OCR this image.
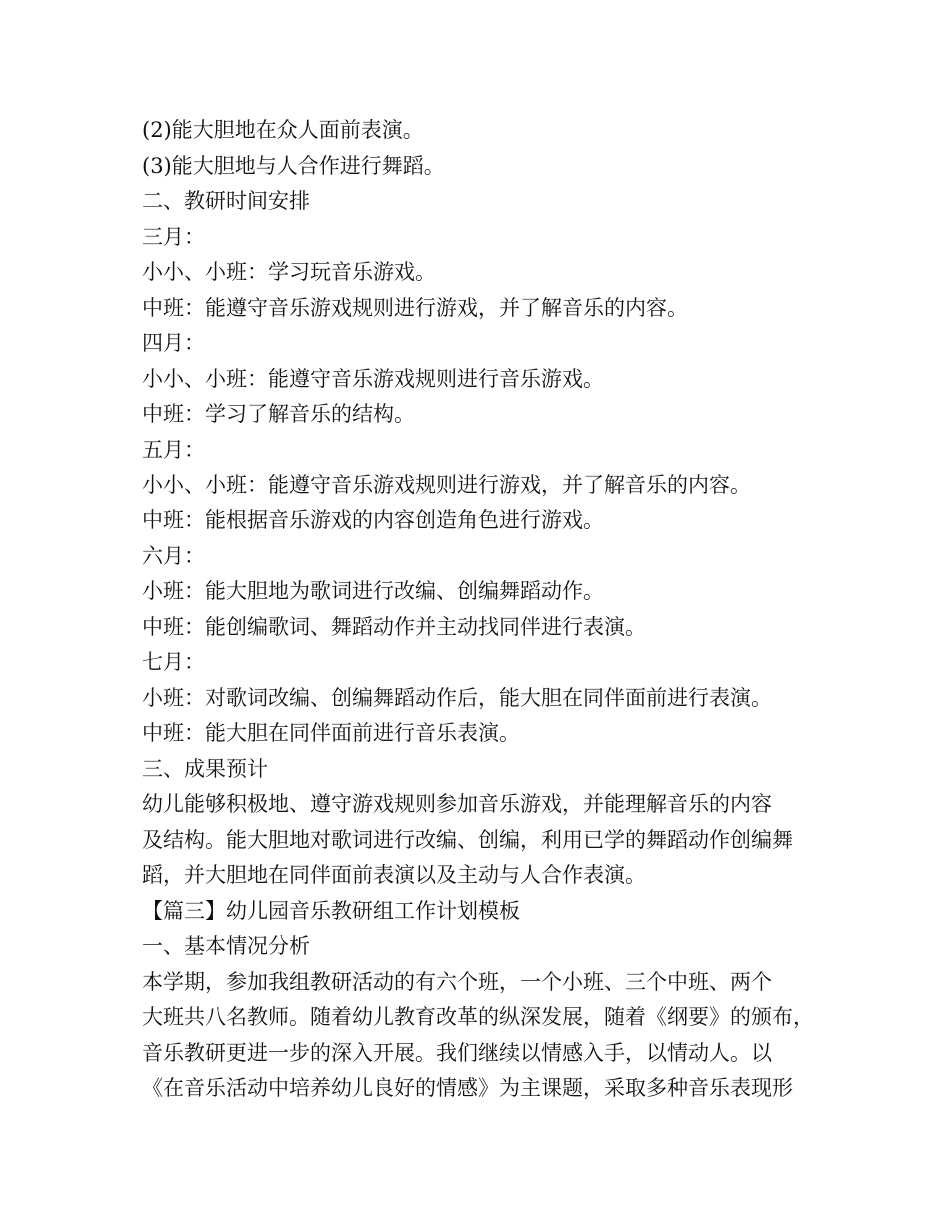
(2)能大胆地在众人面前表演。
(3)能大胆地与人合作进行舞蹈。
二、教研时间安排
三月：
小小、小班：学习玩音乐游戏。
中班：能遵守音乐游戏规则进行游戏，并了解音乐的内容。
四月：
小小、小班：能遵守音乐游戏规则进行音乐游戏。
中班：学习了解音乐的结构。
五月：
小小、小班：能遵守音乐游戏规则进行游戏，并了解音乐的内容。
中班：能根据音乐游戏的内容创造角色进行游戏。
六月：
小班：能大胆地为歌词进行改编、创编舞蹈动作。
中班：能创编歌词、舞蹈动作并主动找同伴进行表演。
七月：
小班：对歌词改编、创编舞蹈动作后，能大胆在同伴面前进行表演。
中班：能大胆在同伴面前进行音乐表演。
三、成果预计
幼儿能够积极地、遵守游戏规则参加音乐游戏，并能理解音乐的内容
及结构。能大胆地对歌词进行改编、创编，利用已学的舞蹈动作创编舞
蹈，并大胆地在同伴面前表演以及主动与人合作表演。
【篇三】幼儿园音乐教研组工作计划模板
一、基本情况分析
本学期，参加我组教研活动的有六个班，一个小班、三个中班、两个
大班共八名教师。随着幼儿教育改革的纵深发展，随着《纲要》的颁布，
音乐教研更进一步的深入开展。我们继续以情感入手，以情动人。以
《在音乐活动中培养幼儿良好的情感》为主课题，采取多种音乐表现形
